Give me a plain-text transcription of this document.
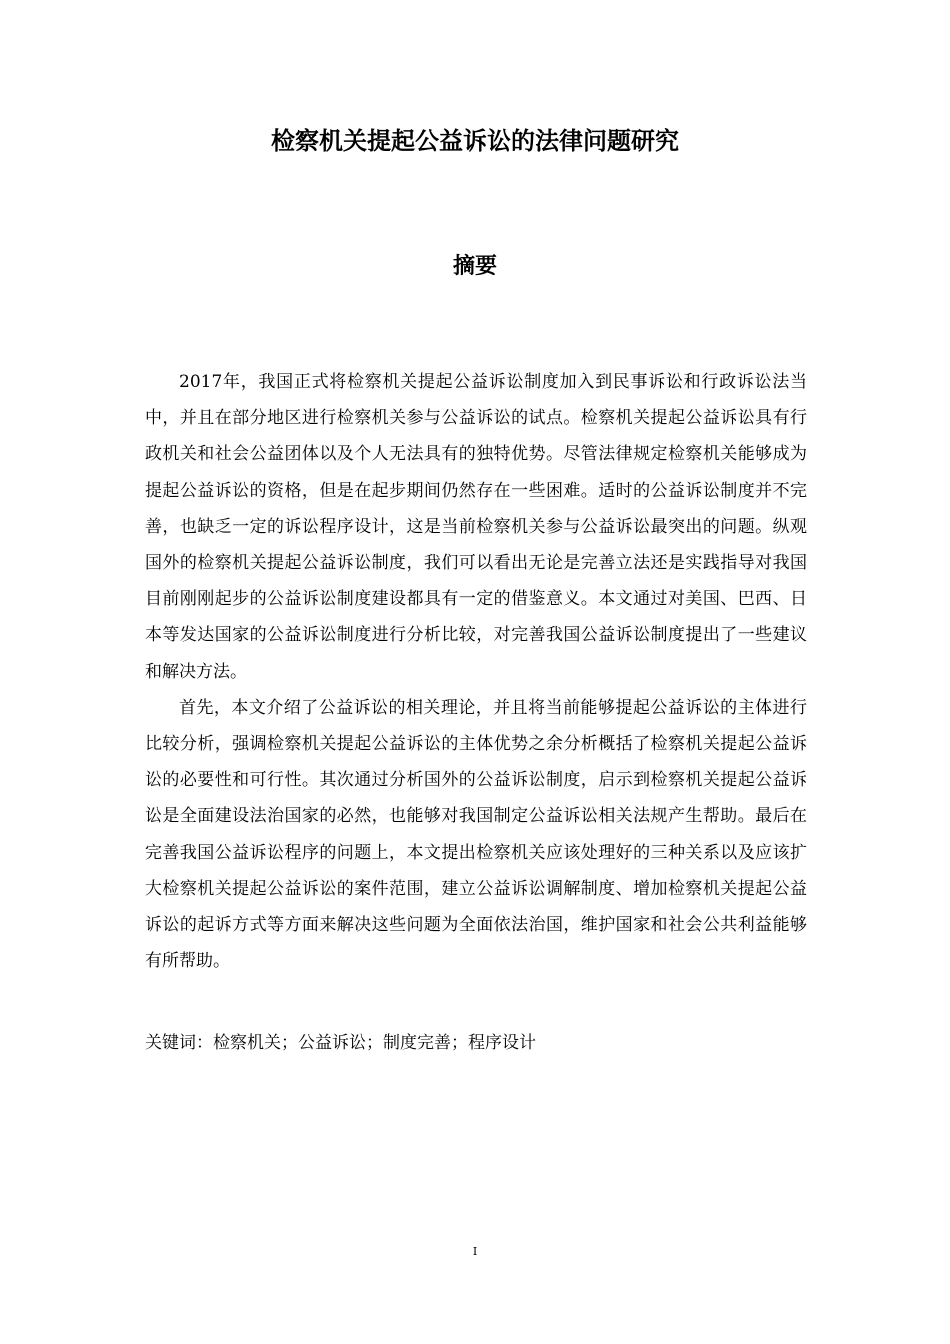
检察机关提起公益诉讼的法律问题研究
摘要

2017年，我国正式将检察机关提起公益诉讼制度加入到民事诉讼和行政诉讼法当中，并且在部分地区进行检察机关参与公益诉讼的试点。检察机关提起公益诉讼具有行政机关和社会公益团体以及个人无法具有的独特优势。尽管法律规定检察机关能够成为提起公益诉讼的资格，但是在起步期间仍然存在一些困难。适时的公益诉讼制度并不完善，也缺乏一定的诉讼程序设计，这是当前检察机关参与公益诉讼最突出的问题。纵观国外的检察机关提起公益诉讼制度，我们可以看出无论是完善立法还是实践指导对我国目前刚刚起步的公益诉讼制度建设都具有一定的借鉴意义。本文通过对美国、巴西、日本等发达国家的公益诉讼制度进行分析比较，对完善我国公益诉讼制度提出了一些建议和解决方法。

首先，本文介绍了公益诉讼的相关理论，并且将当前能够提起公益诉讼的主体进行比较分析，强调检察机关提起公益诉讼的主体优势之余分析概括了检察机关提起公益诉讼的必要性和可行性。其次通过分析国外的公益诉讼制度，启示到检察机关提起公益诉讼是全面建设法治国家的必然，也能够对我国制定公益诉讼相关法规产生帮助。最后在完善我国公益诉讼程序的问题上，本文提出检察机关应该处理好的三种关系以及应该扩大检察机关提起公益诉讼的案件范围，建立公益诉讼调解制度、增加检察机关提起公益诉讼的起诉方式等方面来解决这些问题为全面依法治国，维护国家和社会公共利益能够有所帮助。

关键词：检察机关；公益诉讼；制度完善；程序设计
I
